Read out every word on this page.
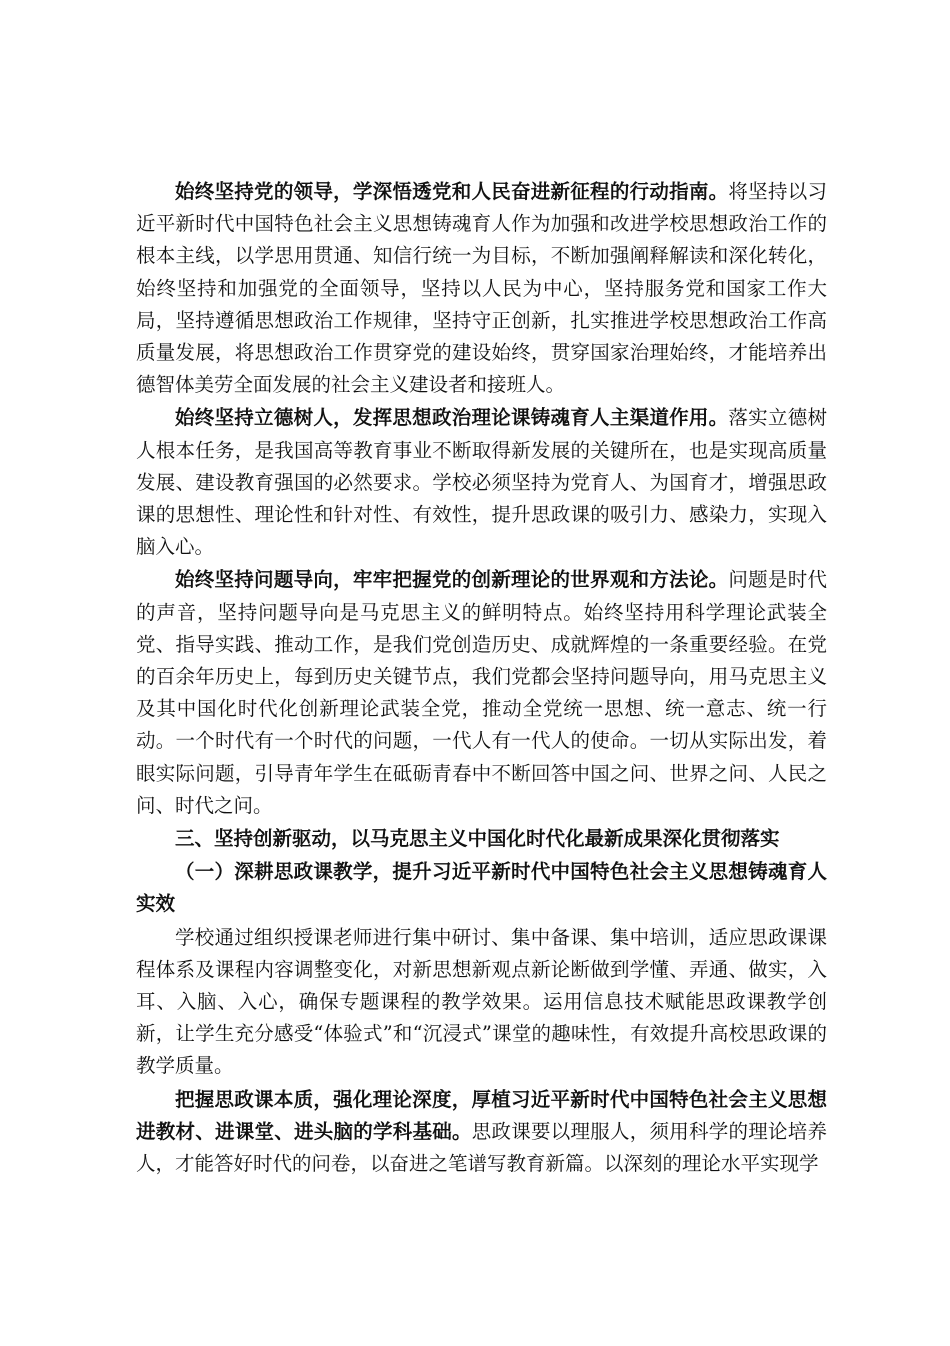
始终坚持党的领导，学深悟透党和人民奋进新征程的行动指南。将坚持以习近平新时代中国特色社会主义思想铸魂育人作为加强和改进学校思想政治工作的根本主线，以学思用贯通、知信行统一为目标，不断加强阐释解读和深化转化，始终坚持和加强党的全面领导，坚持以人民为中心，坚持服务党和国家工作大局，坚持遵循思想政治工作规律，坚持守正创新，扎实推进学校思想政治工作高质量发展，将思想政治工作贯穿党的建设始终，贯穿国家治理始终，才能培养出德智体美劳全面发展的社会主义建设者和接班人。

始终坚持立德树人，发挥思想政治理论课铸魂育人主渠道作用。落实立德树人根本任务，是我国高等教育事业不断取得新发展的关键所在，也是实现高质量发展、建设教育强国的必然要求。学校必须坚持为党育人、为国育才，增强思政课的思想性、理论性和针对性、有效性，提升思政课的吸引力、感染力，实现入脑入心。

始终坚持问题导向，牢牢把握党的创新理论的世界观和方法论。问题是时代的声音，坚持问题导向是马克思主义的鲜明特点。始终坚持用科学理论武装全党、指导实践、推动工作，是我们党创造历史、成就辉煌的一条重要经验。在党的百余年历史上，每到历史关键节点，我们党都会坚持问题导向，用马克思主义及其中国化时代化创新理论武装全党，推动全党统一思想、统一意志、统一行动。一个时代有一个时代的问题，一代人有一代人的使命。一切从实际出发，着眼实际问题，引导青年学生在砥砺青春中不断回答中国之问、世界之问、人民之问、时代之问。

三、坚持创新驱动，以马克思主义中国化时代化最新成果深化贯彻落实

（一）深耕思政课教学，提升习近平新时代中国特色社会主义思想铸魂育人实效

学校通过组织授课老师进行集中研讨、集中备课、集中培训，适应思政课课程体系及课程内容调整变化，对新思想新观点新论断做到学懂、弄通、做实，入耳、入脑、入心，确保专题课程的教学效果。运用信息技术赋能思政课教学创新，让学生充分感受“体验式”和“沉浸式”课堂的趣味性，有效提升高校思政课的教学质量。

把握思政课本质，强化理论深度，厚植习近平新时代中国特色社会主义思想进教材、进课堂、进头脑的学科基础。思政课要以理服人，须用科学的理论培养人，才能答好时代的问卷，以奋进之笔谱写教育新篇。以深刻的理论水平实现学
